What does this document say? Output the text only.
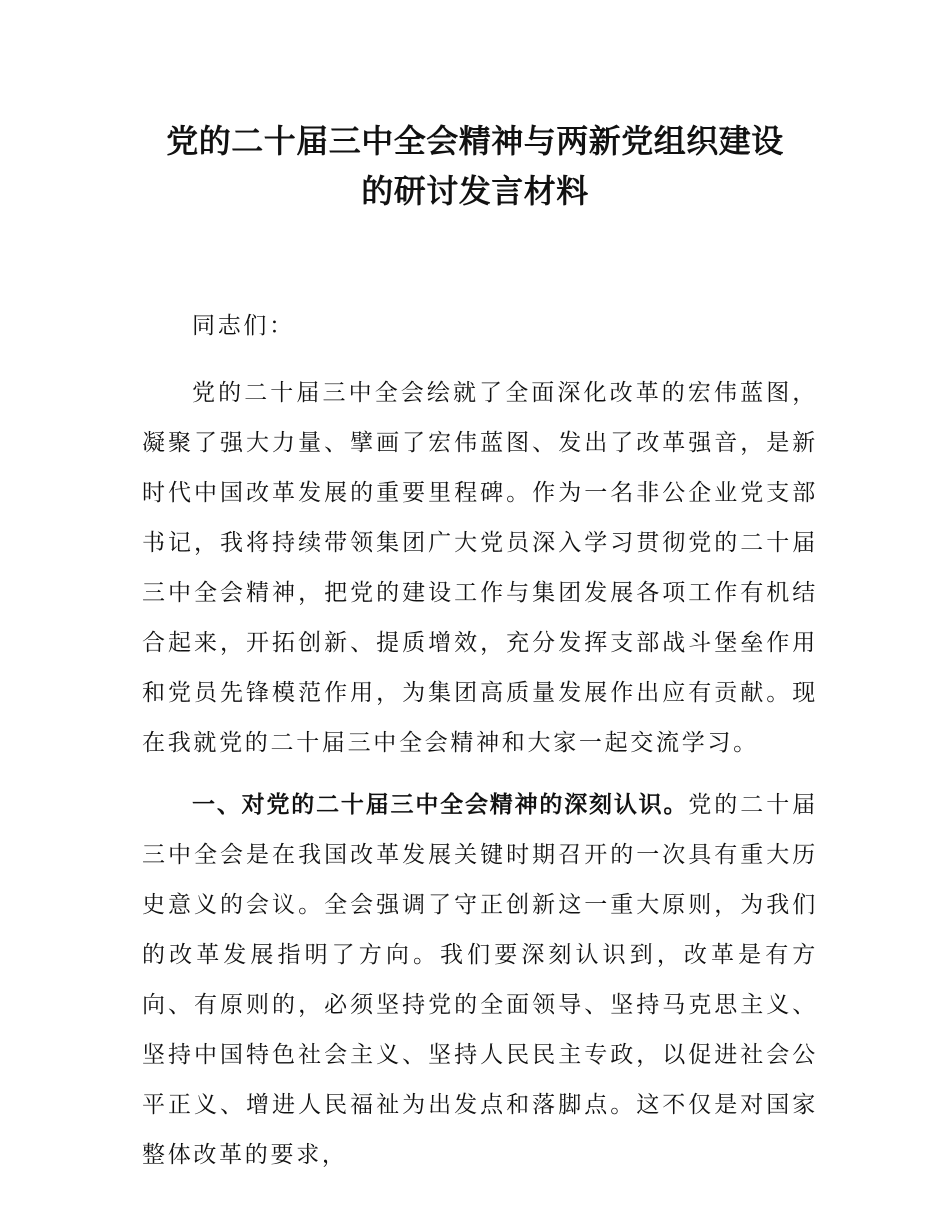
党的二十届三中全会精神与两新党组织建设
的研讨发言材料

同志们：

党的二十届三中全会绘就了全面深化改革的宏伟蓝图，凝聚了强大力量、擘画了宏伟蓝图、发出了改革强音，是新时代中国改革发展的重要里程碑。作为一名非公企业党支部书记，我将持续带领集团广大党员深入学习贯彻党的二十届三中全会精神，把党的建设工作与集团发展各项工作有机结合起来，开拓创新、提质增效，充分发挥支部战斗堡垒作用和党员先锋模范作用，为集团高质量发展作出应有贡献。现在我就党的二十届三中全会精神和大家一起交流学习。

一、对党的二十届三中全会精神的深刻认识。党的二十届三中全会是在我国改革发展关键时期召开的一次具有重大历史意义的会议。全会强调了守正创新这一重大原则，为我们的改革发展指明了方向。我们要深刻认识到，改革是有方向、有原则的，必须坚持党的全面领导、坚持马克思主义、坚持中国特色社会主义、坚持人民民主专政，以促进社会公平正义、增进人民福祉为出发点和落脚点。这不仅是对国家整体改革的要求，
